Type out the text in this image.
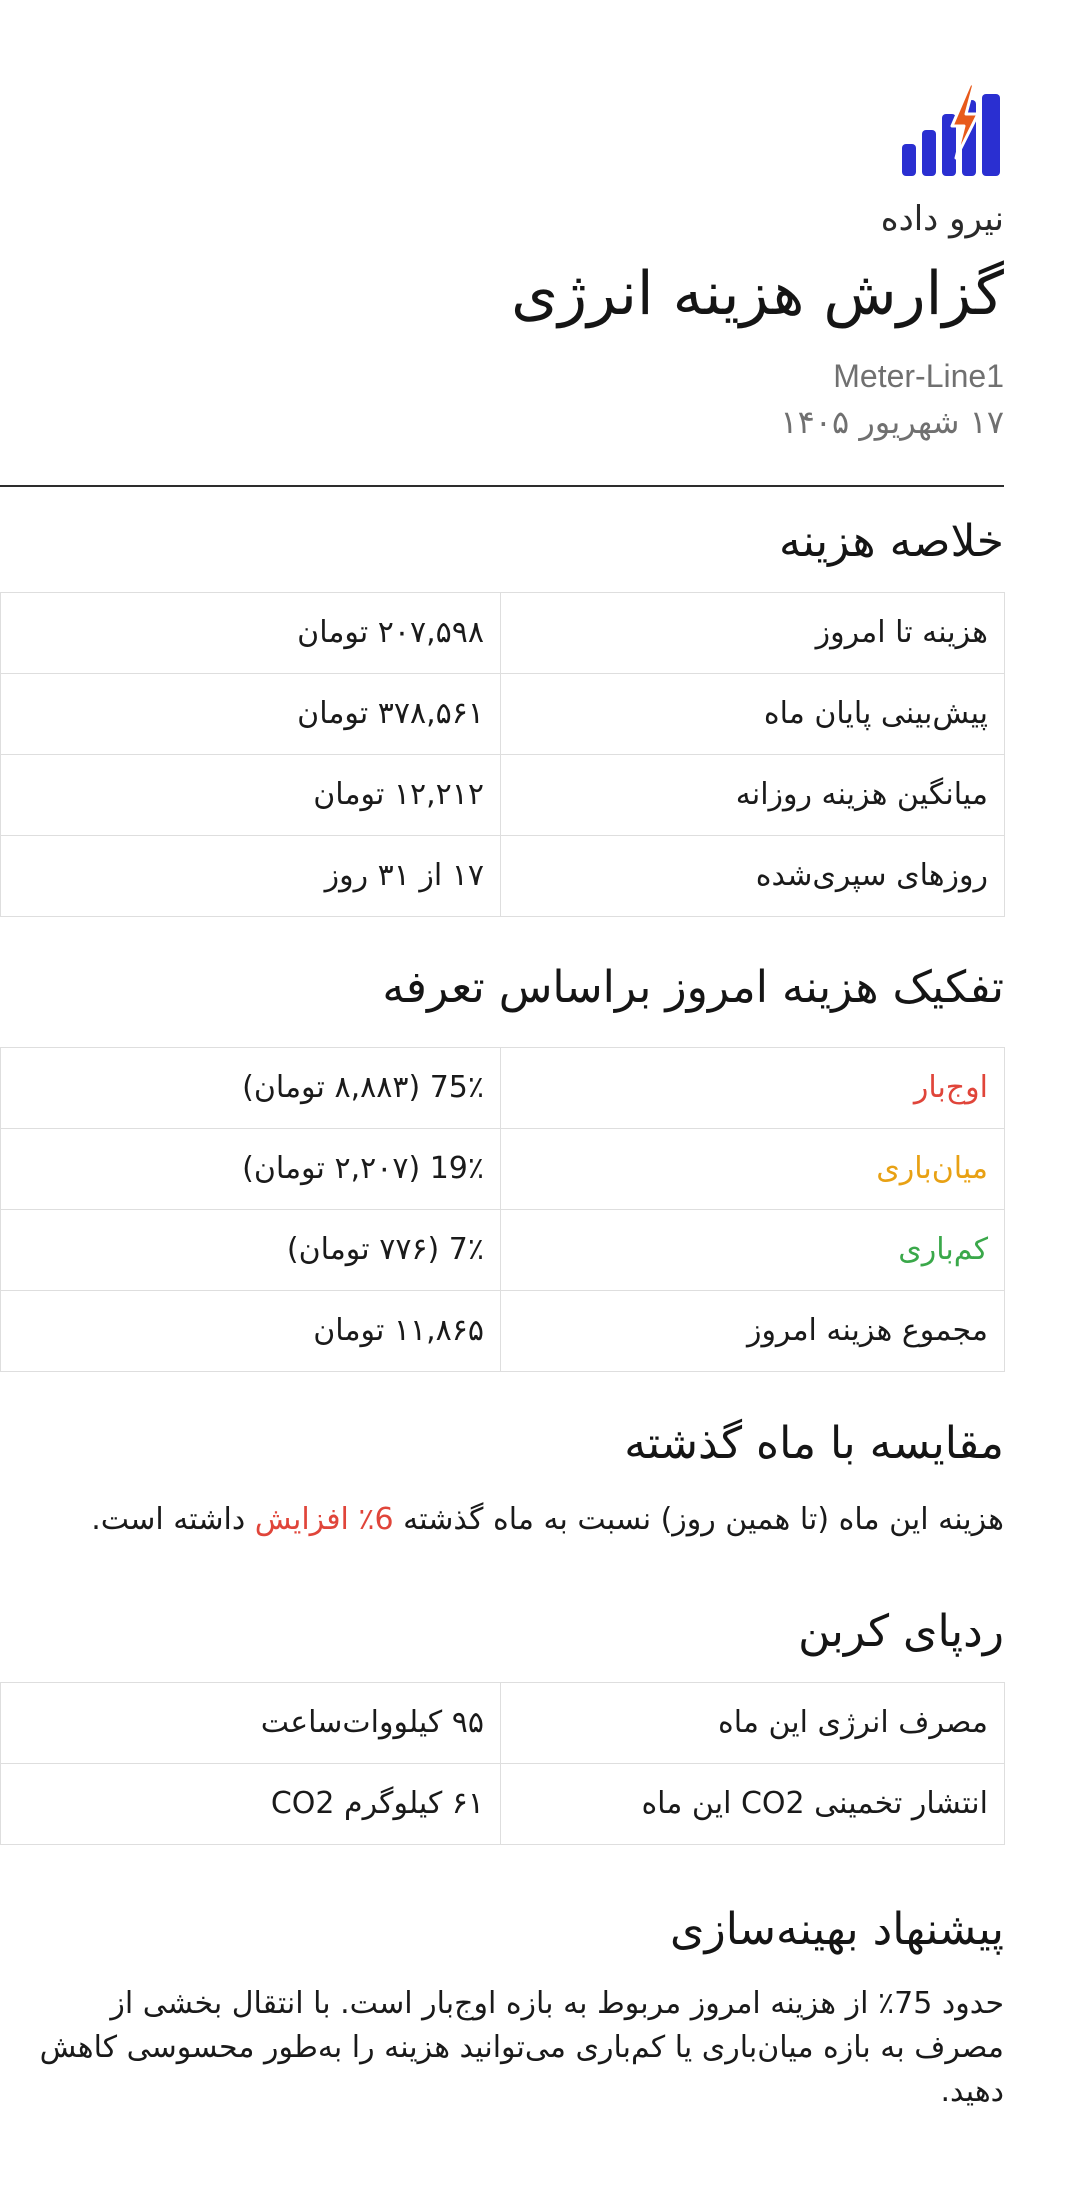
نیرو داده
گزارش هزینه انرژی
Meter-Line1
۱۷ شهریور ۱۴۰۵
خلاصه هزینه
هزینه تا امروز	۲۰۷,۵۹۸ تومان
پیش‌بینی پایان ماه	۳۷۸,۵۶۱ تومان
میانگین هزینه روزانه	۱۲,۲۱۲ تومان
روزهای سپری‌شده	۱۷ از ۳۱ روز
تفکیک هزینه امروز براساس تعرفه
اوج‌بار	75٪ (۸,۸۸۳ تومان)
میان‌باری	19٪ (۲,۲۰۷ تومان)
کم‌باری	7٪ (۷۷۶ تومان)
مجموع هزینه امروز	۱۱,۸۶۵ تومان
مقایسه با ماه گذشته

هزینه این ماه (تا همین روز) نسبت به ماه گذشته 6٪ افزایش داشته است.

ردپای کربن
مصرف انرژی این ماه	۹۵ کیلووات‌ساعت
انتشار تخمینی CO2 این ماه	۶۱ کیلوگرم CO2
پیشنهاد بهینه‌سازی

حدود 75٪ از هزینه امروز مربوط به بازه اوج‌بار است. با انتقال بخشی از مصرف به بازه میان‌باری یا کم‌باری می‌توانید هزینه را به‌طور محسوسی کاهش دهید.
